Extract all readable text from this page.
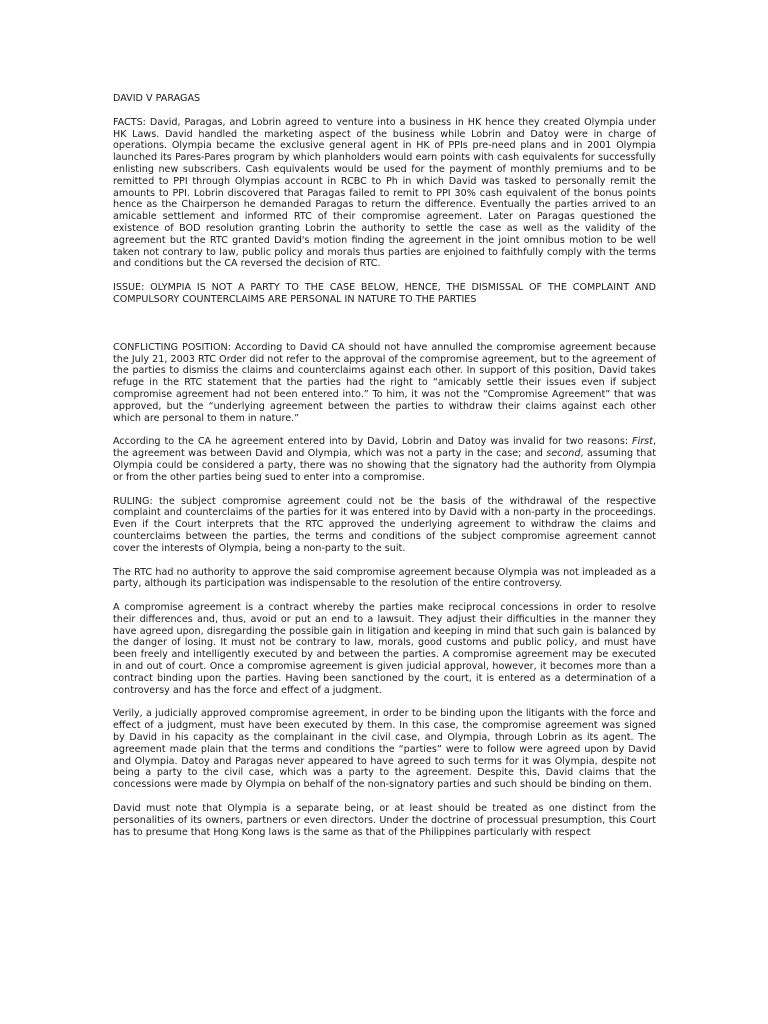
DAVID V PARAGAS

FACTS: David, Paragas, and Lobrin agreed to venture into a business in HK hence they created Olympia under HK Laws. David handled the marketing aspect of the business while Lobrin and Datoy were in charge of operations. Olympia became the exclusive general agent in HK of PPIs pre-need plans and in 2001 Olympia launched its Pares-Pares program by which planholders would earn points with cash equivalents for successfully enlisting new subscribers. Cash equivalents would be used for the payment of monthly premiums and to be remitted to PPI through Olympias account in RCBC to Ph in which David was tasked to personally remit the amounts to PPI. Lobrin discovered that Paragas failed to remit to PPI 30% cash equivalent of the bonus points hence as the Chairperson he demanded Paragas to return the difference. Eventually the parties arrived to an amicable settlement and informed RTC of their compromise agreement. Later on Paragas questioned the existence of BOD resolution granting Lobrin the authority to settle the case as well as the validity of the agreement but the RTC granted David's motion finding the agreement in the joint omnibus motion to be well taken not contrary to law, public policy and morals thus parties are enjoined to faithfully comply with the terms and conditions but the CA reversed the decision of RTC.

ISSUE: OLYMPIA IS NOT A PARTY TO THE CASE BELOW, HENCE, THE DISMISSAL OF THE COMPLAINT AND COMPULSORY COUNTERCLAIMS ARE PERSONAL IN NATURE TO THE PARTIES

CONFLICTING POSITION: According to David CA should not have annulled the compromise agreement because the July 21, 2003 RTC Order did not refer to the approval of the compromise agreement, but to the agreement of the parties to dismiss the claims and counterclaims against each other. In support of this position, David takes refuge in the RTC statement that the parties had the right to “amicably settle their issues even if subject compromise agreement had not been entered into.” To him, it was not the “Compromise Agreement” that was approved, but the “underlying agreement between the parties to withdraw their claims against each other which are personal to them in nature.”

According to the CA he agreement entered into by David, Lobrin and Datoy was invalid for two reasons: First, the agreement was between David and Olympia, which was not a party in the case; and second, assuming that Olympia could be considered a party, there was no showing that the signatory had the authority from Olympia or from the other parties being sued to enter into a compromise.

RULING: the subject compromise agreement could not be the basis of the withdrawal of the respective complaint and counterclaims of the parties for it was entered into by David with a non-party in the proceedings. Even if the Court interprets that the RTC approved the underlying agreement to withdraw the claims and counterclaims between the parties, the terms and conditions of the subject compromise agreement cannot cover the interests of Olympia, being a non-party to the suit.

The RTC had no authority to approve the said compromise agreement because Olympia was not impleaded as a party, although its participation was indispensable to the resolution of the entire controversy.

A compromise agreement is a contract whereby the parties make reciprocal concessions in order to resolve their differences and, thus, avoid or put an end to a lawsuit. They adjust their difficulties in the manner they have agreed upon, disregarding the possible gain in litigation and keeping in mind that such gain is balanced by the danger of losing. It must not be contrary to law, morals, good customs and public policy, and must have been freely and intelligently executed by and between the parties. A compromise agreement may be executed in and out of court. Once a compromise agreement is given judicial approval, however, it becomes more than a contract binding upon the parties. Having been sanctioned by the court, it is entered as a determination of a controversy and has the force and effect of a judgment.

Verily, a judicially approved compromise agreement, in order to be binding upon the litigants with the force and effect of a judgment, must have been executed by them. In this case, the compromise agreement was signed by David in his capacity as the complainant in the civil case, and Olympia, through Lobrin as its agent. The agreement made plain that the terms and conditions the “parties” were to follow were agreed upon by David and Olympia. Datoy and Paragas never appeared to have agreed to such terms for it was Olympia, despite not being a party to the civil case, which was a party to the agreement. Despite this, David claims that the concessions were made by Olympia on behalf of the non-signatory parties and such should be binding on them.

David must note that Olympia is a separate being, or at least should be treated as one distinct from the personalities of its owners, partners or even directors. Under the doctrine of processual presumption, this Court has to presume that Hong Kong laws is the same as that of the Philippines particularly with respect
